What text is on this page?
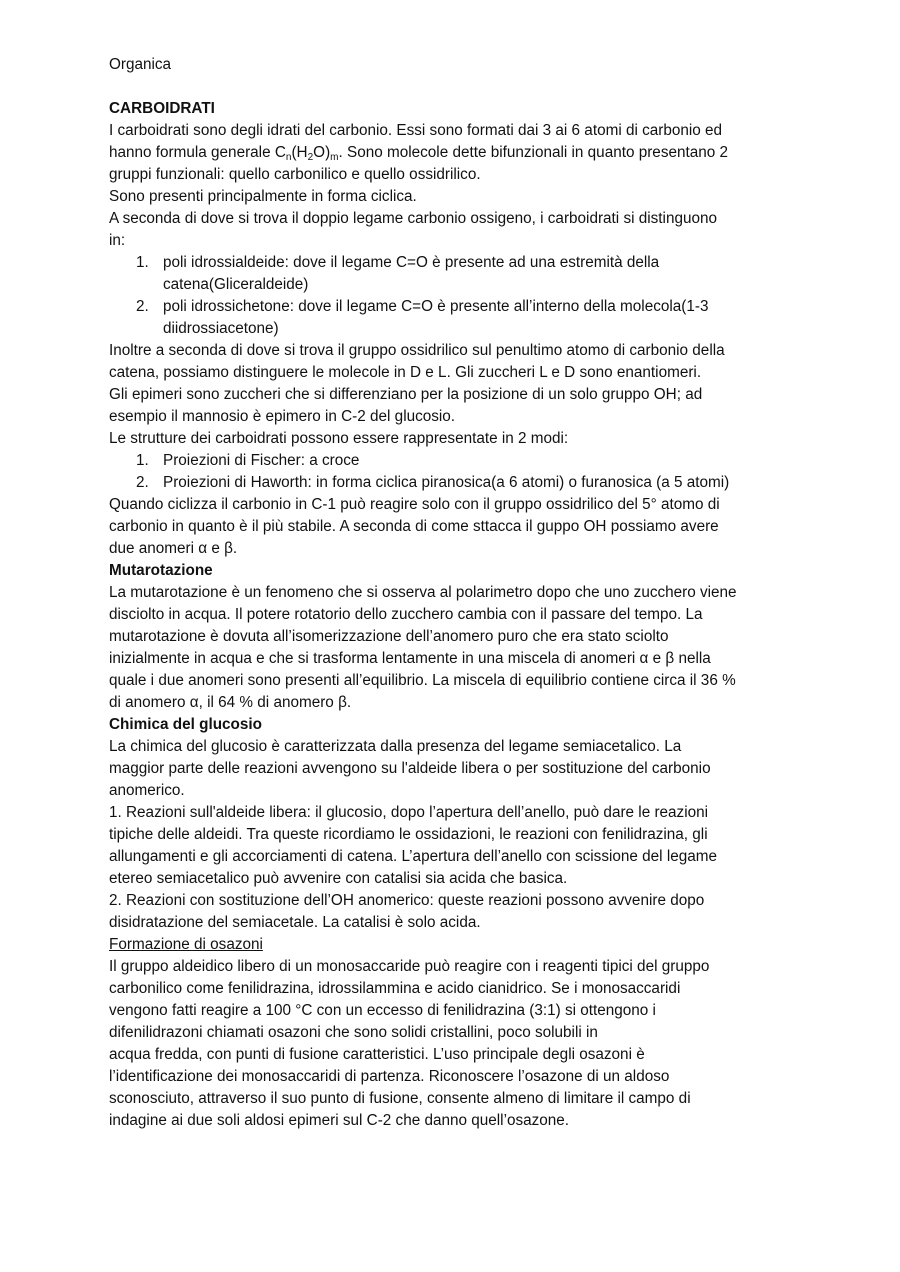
Organica

CARBOIDRATI

I carboidrati sono degli idrati del carbonio. Essi sono formati dai 3 ai 6 atomi di carbonio ed
hanno formula generale $C_n(H_2O)_m$. Sono molecole dette bifunzionali in quanto presentano 2
gruppi funzionali: quello carbonilico e quello ossidrilico.

Sono presenti principalmente in forma ciclica.

A seconda di dove si trova il doppio legame carbonio ossigeno, i carboidrati si distinguono
in:

1. poli idrossialdeide: dove il legame C=O è presente ad una estremità della
catena(Gliceraldeide)
2. poli idrossichetone: dove il legame C=O è presente all’interno della molecola(1-3
diidrossiacetone)

Inoltre a seconda di dove si trova il gruppo ossidrilico sul penultimo atomo di carbonio della
catena, possiamo distinguere le molecole in D e L. Gli zuccheri L e D sono enantiomeri.

Gli epimeri sono zuccheri che si differenziano per la posizione di un solo gruppo OH; ad
esempio il mannosio è epimero in C-2 del glucosio.

Le strutture dei carboidrati possono essere rappresentate in 2 modi:

1. Proiezioni di Fischer: a croce
2. Proiezioni di Haworth: in forma ciclica piranosica(a 6 atomi) o furanosica (a 5 atomi)

Quando ciclizza il carbonio in C-1 può reagire solo con il gruppo ossidrilico del 5° atomo di
carbonio in quanto è il più stabile. A seconda di come sttacca il guppo OH possiamo avere
due anomeri α e β.

Mutarotazione

La mutarotazione è un fenomeno che si osserva al polarimetro dopo che uno zucchero viene
disciolto in acqua. Il potere rotatorio dello zucchero cambia con il passare del tempo. La
mutarotazione è dovuta all’isomerizzazione dell’anomero puro che era stato sciolto
inizialmente in acqua e che si trasforma lentamente in una miscela di anomeri α e β nella
quale i due anomeri sono presenti all’equilibrio. La miscela di equilibrio contiene circa il 36 %
di anomero α, il 64 % di anomero β.

Chimica del glucosio

La chimica del glucosio è caratterizzata dalla presenza del legame semiacetalico. La
maggior parte delle reazioni avvengono su l'aldeide libera o per sostituzione del carbonio
anomerico.

1. Reazioni sull'aldeide libera: il glucosio, dopo l’apertura dell’anello, può dare le reazioni
tipiche delle aldeidi. Tra queste ricordiamo le ossidazioni, le reazioni con fenilidrazina, gli
allungamenti e gli accorciamenti di catena. L’apertura dell’anello con scissione del legame
etereo semiacetalico può avvenire con catalisi sia acida che basica.

2. Reazioni con sostituzione dell’OH anomerico: queste reazioni possono avvenire dopo
disidratazione del semiacetale. La catalisi è solo acida.

Formazione di osazoni

Il gruppo aldeidico libero di un monosaccaride può reagire con i reagenti tipici del gruppo
carbonilico come fenilidrazina, idrossilammina e acido cianidrico. Se i monosaccaridi
vengono fatti reagire a 100 °C con un eccesso di fenilidrazina (3:1) si ottengono i
difenilidrazoni chiamati osazoni che sono solidi cristallini, poco solubili in
acqua fredda, con punti di fusione caratteristici. L’uso principale degli osazoni è
l’identificazione dei monosaccaridi di partenza. Riconoscere l’osazone di un aldoso
sconosciuto, attraverso il suo punto di fusione, consente almeno di limitare il campo di
indagine ai due soli aldosi epimeri sul C-2 che danno quell’osazone.
